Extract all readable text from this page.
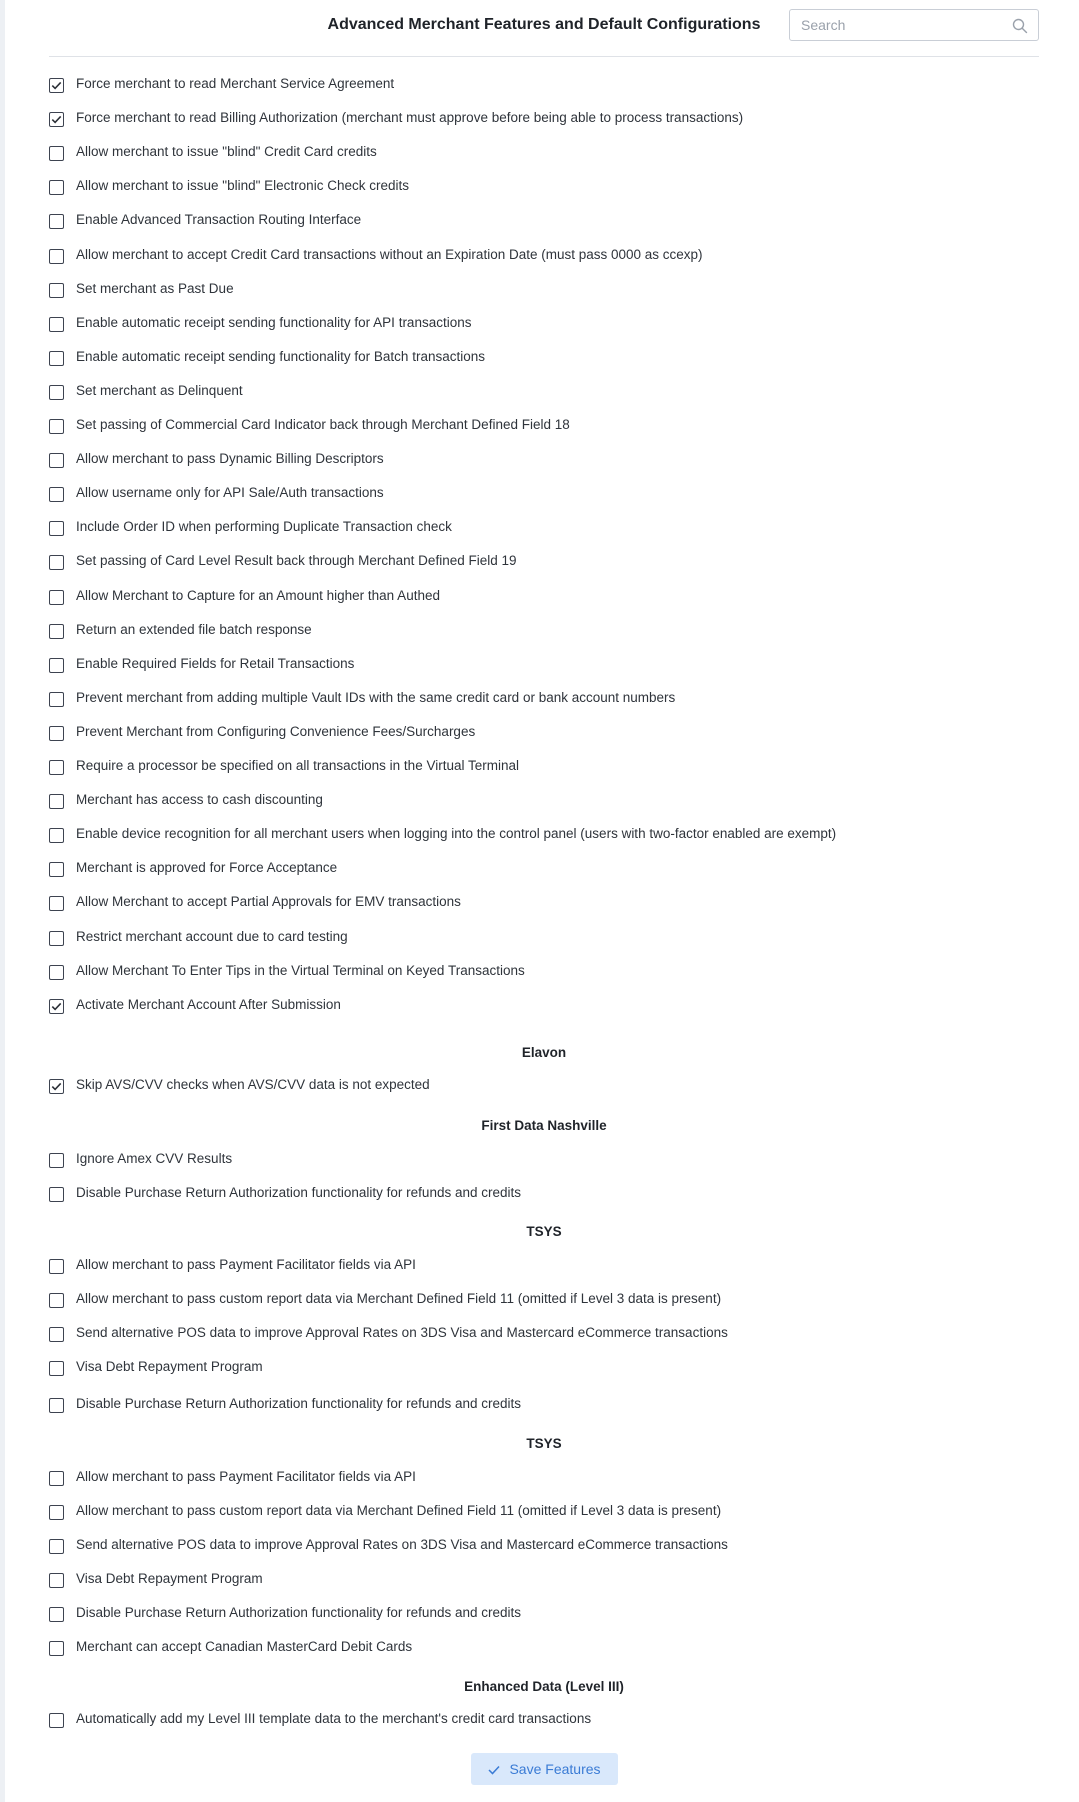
Advanced Merchant Features and Default Configurations
Search
Force merchant to read Merchant Service Agreement
Force merchant to read Billing Authorization (merchant must approve before being able to process transactions)
Allow merchant to issue "blind" Credit Card credits
Allow merchant to issue "blind" Electronic Check credits
Enable Advanced Transaction Routing Interface
Allow merchant to accept Credit Card transactions without an Expiration Date (must pass 0000 as ccexp)
Set merchant as Past Due
Enable automatic receipt sending functionality for API transactions
Enable automatic receipt sending functionality for Batch transactions
Set merchant as Delinquent
Set passing of Commercial Card Indicator back through Merchant Defined Field 18
Allow merchant to pass Dynamic Billing Descriptors
Allow username only for API Sale/Auth transactions
Include Order ID when performing Duplicate Transaction check
Set passing of Card Level Result back through Merchant Defined Field 19
Allow Merchant to Capture for an Amount higher than Authed
Return an extended file batch response
Enable Required Fields for Retail Transactions
Prevent merchant from adding multiple Vault IDs with the same credit card or bank account numbers
Prevent Merchant from Configuring Convenience Fees/Surcharges
Require a processor be specified on all transactions in the Virtual Terminal
Merchant has access to cash discounting
Enable device recognition for all merchant users when logging into the control panel (users with two-factor enabled are exempt)
Merchant is approved for Force Acceptance
Allow Merchant to accept Partial Approvals for EMV transactions
Restrict merchant account due to card testing
Allow Merchant To Enter Tips in the Virtual Terminal on Keyed Transactions
Activate Merchant Account After Submission
Elavon
Skip AVS/CVV checks when AVS/CVV data is not expected
First Data Nashville
Ignore Amex CVV Results
Disable Purchase Return Authorization functionality for refunds and credits
TSYS
Allow merchant to pass Payment Facilitator fields via API
Allow merchant to pass custom report data via Merchant Defined Field 11 (omitted if Level 3 data is present)
Send alternative POS data to improve Approval Rates on 3DS Visa and Mastercard eCommerce transactions
Visa Debt Repayment Program
Disable Purchase Return Authorization functionality for refunds and credits
TSYS
Allow merchant to pass Payment Facilitator fields via API
Allow merchant to pass custom report data via Merchant Defined Field 11 (omitted if Level 3 data is present)
Send alternative POS data to improve Approval Rates on 3DS Visa and Mastercard eCommerce transactions
Visa Debt Repayment Program
Disable Purchase Return Authorization functionality for refunds and credits
Merchant can accept Canadian MasterCard Debit Cards
Enhanced Data (Level III)
Automatically add my Level III template data to the merchant's credit card transactions
Save Features
